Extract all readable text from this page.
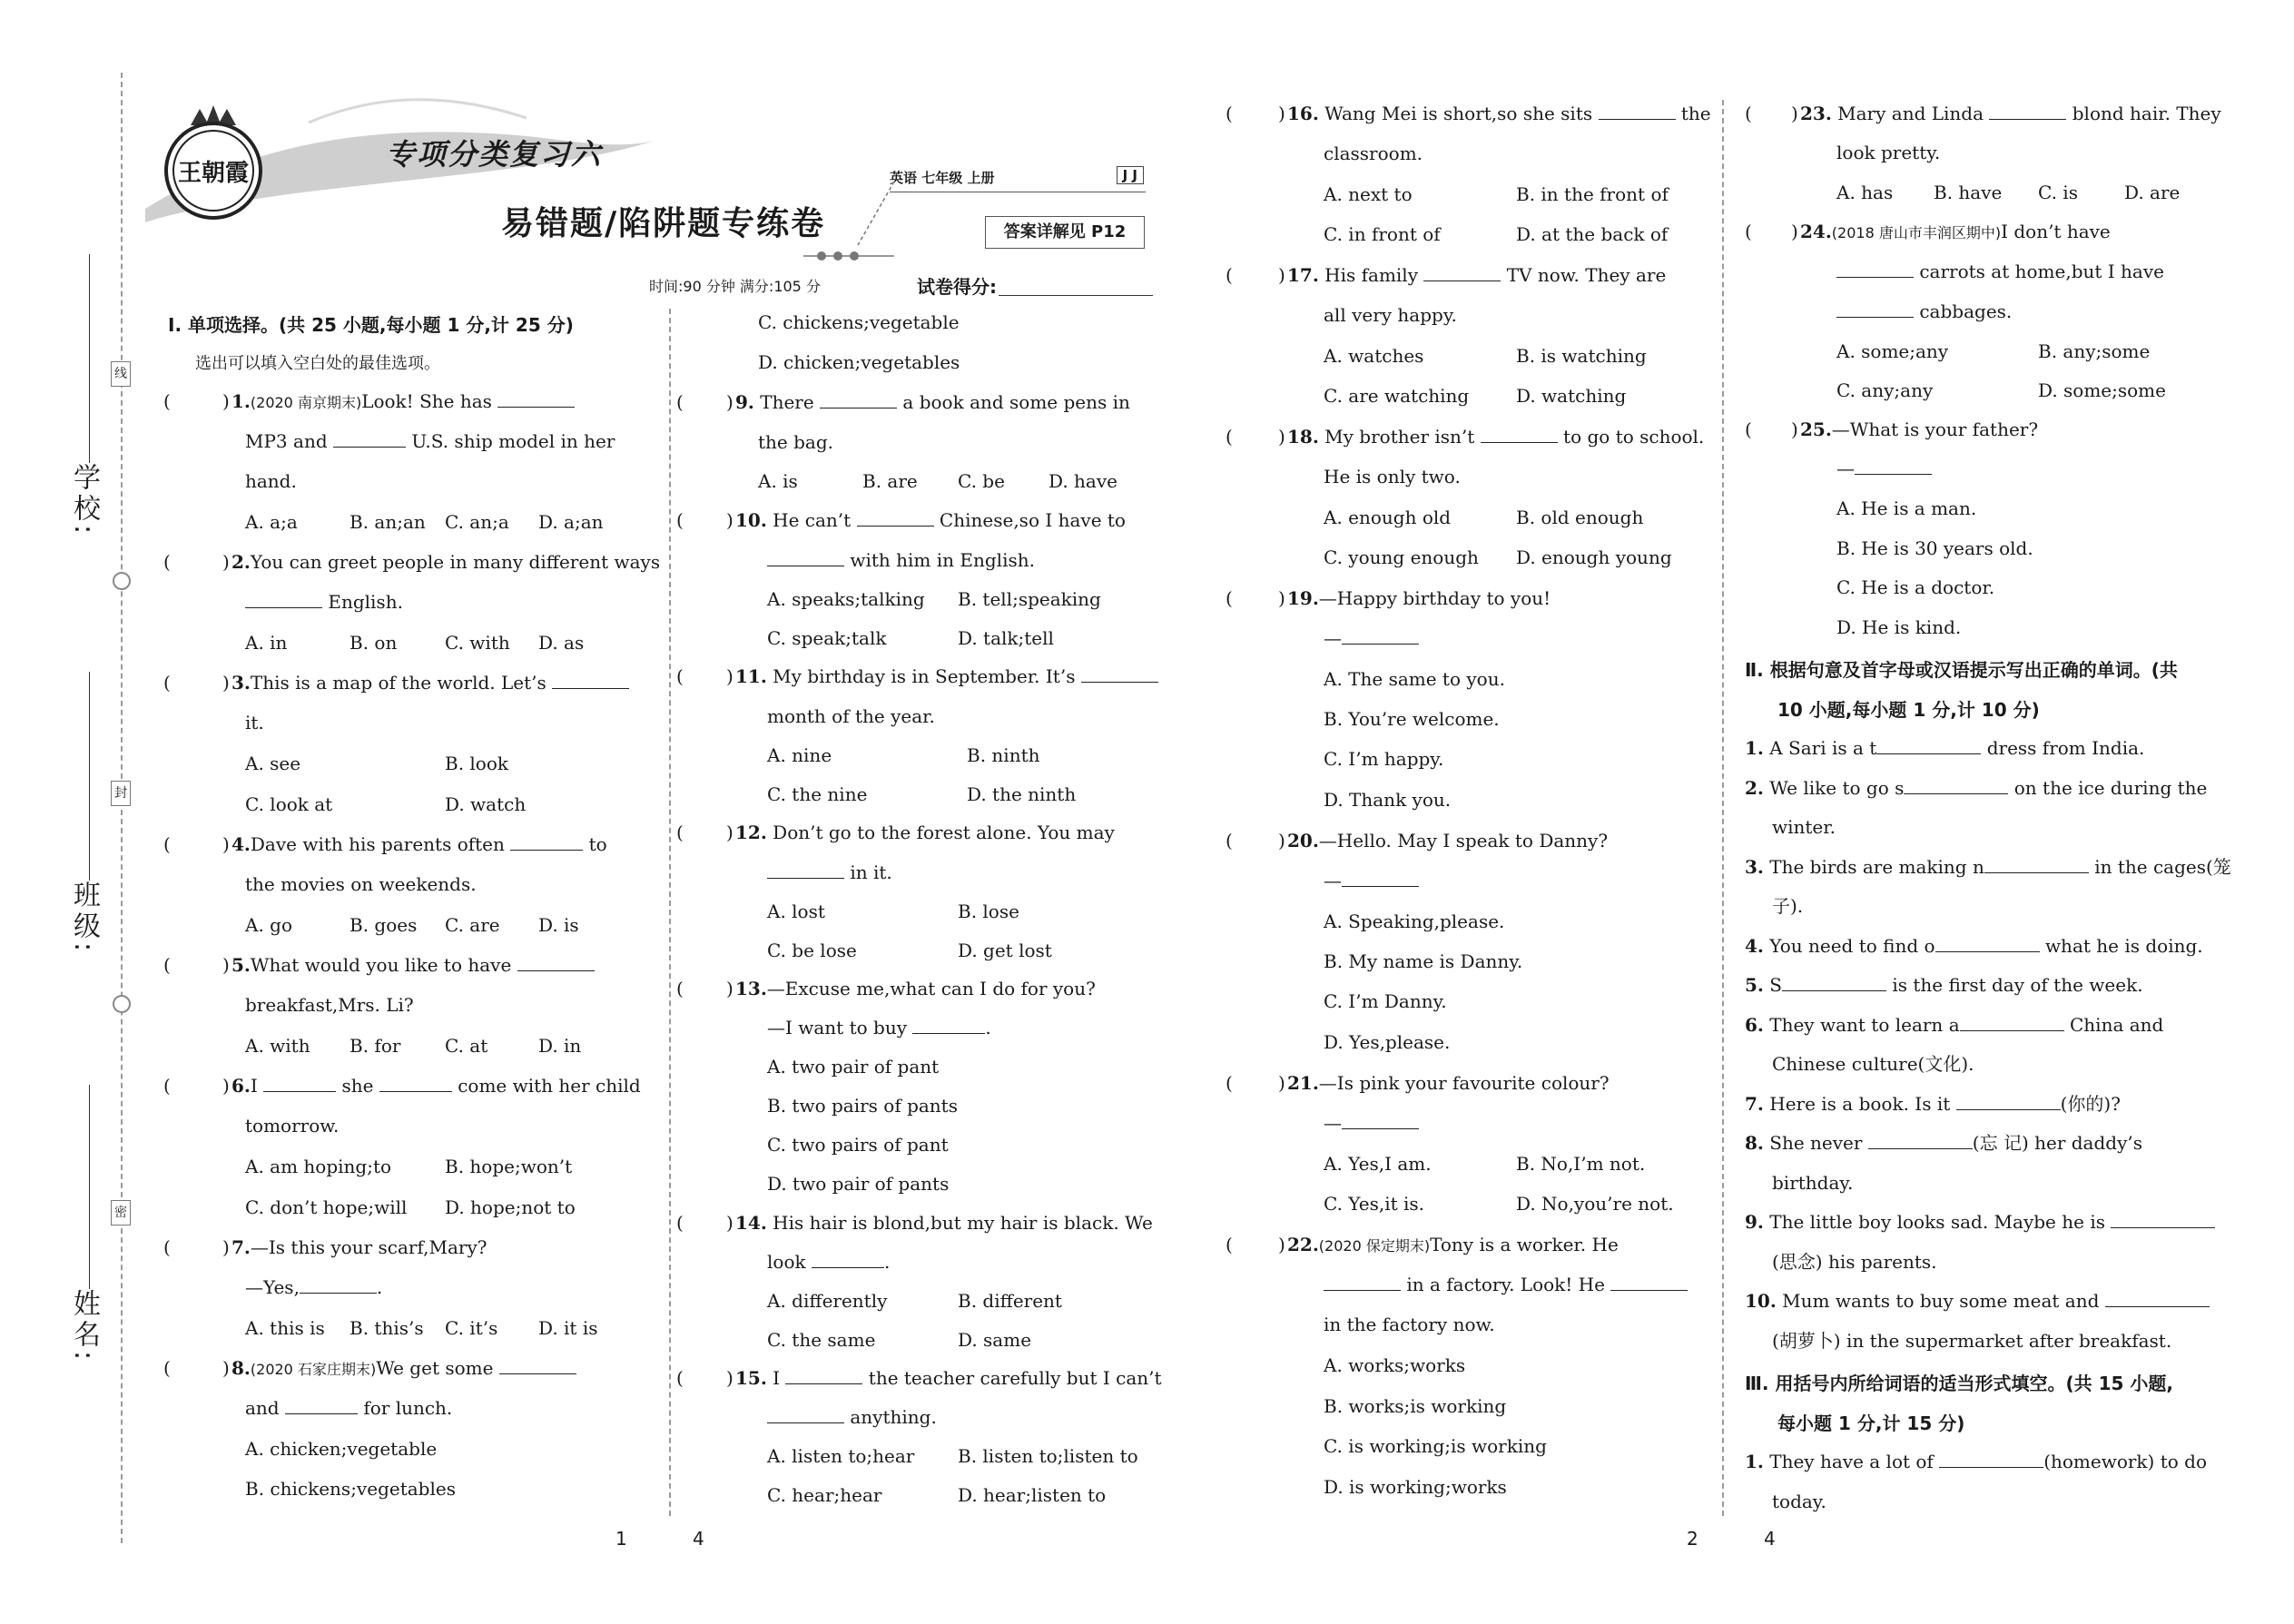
线
封
密
学校:
班级:
姓名:
王朝霞
专项分类复习六
易错题/陷阱题专练卷
英语 七年级 上册	J J
答案详解见 P12
时间:90 分钟 满分:105 分	试卷得分:
Ⅰ. 单项选择。(共 25 小题,每小题 1 分,计 25 分)
选出可以填入空白处的最佳选项。
(	) 1.(2020 南京期末)Look! She has
MP3 and	U.S. ship model in her
hand.
A. a;a	B. an;an C. an;a D. a;an
(	) 2.You can greet people in many different ways
English.
A. in	B. on	C. with D. as
(	) 3.This is a map of the world. Let’s
it.
A. see	B. look
C. look at	D. watch
(	) 4.Dave with his parents often	to
the movies on weekends.
A. go	B. goes C. are D. is
(	) 5.What would you like to have
breakfast,Mrs. Li?
A. with B. for C. at	D. in
(	) 6.I	she	come with her child
tomorrow.
A. am hoping;to	B. hope;won’t
C. don’t hope;will D. hope;not to
(	) 7.—Is this your scarf,Mary?
—Yes,	.
A. this is B. this’s C. it’s D. it is
(	) 8.(2020 石家庄期末)We get some
and	for lunch.
A. chicken;vegetable
B. chickens;vegetables
C. chickens;vegetable
D. chicken;vegetables
( ) 9. There	a book and some pens in
the bag.
A. is	B. are C. be D. have
( ) 10. He can’t	Chinese,so I have to
with him in English.
A. speaks;talking B. tell;speaking
C. speak;talk	D. talk;tell
( ) 11. My birthday is in September. It’s
month of the year.
A. nine	B. ninth
C. the nine	D. the ninth
( ) 12. Don’t go to the forest alone. You may
in it.
A. lost	B. lose
C. be lose	D. get lost
( ) 13.—Excuse me,what can I do for you?
—I want to buy	.
A. two pair of pant
B. two pairs of pants
C. two pairs of pant
D. two pair of pants
( ) 14. His hair is blond,but my hair is black. We
look	.
A. differently	B. different
C. the same	D. same
( ) 15. I	the teacher carefully but I can’t
anything.
A. listen to;hear B. listen to;listen to
C. hear;hear	D. hear;listen to
1	4
(	) 16. Wang Mei is short,so she sits	the
classroom.
A. next to	B. in the front of
C. in front of	D. at the back of
(	) 17. His family	TV now. They are
all very happy.
A. watches	B. is watching
C. are watching	D. watching
(	) 18. My brother isn’t	to go to school.
He is only two.
A. enough old	B. old enough
C. young enough D. enough young
(	) 19.—Happy birthday to you!
—
A. The same to you.
B. You’re welcome.
C. I’m happy.
D. Thank you.
(	) 20.—Hello. May I speak to Danny?
—
A. Speaking,please.
B. My name is Danny.
C. I’m Danny.
D. Yes,please.
(	) 21.—Is pink your favourite colour?
—
A. Yes,I am.	B. No,I’m not.
C. Yes,it is.	D. No,you’re not.
(	) 22.(2020 保定期末)Tony is a worker. He
in a factory. Look! He
in the factory now.
A. works;works
B. works;is working
C. is working;is working
D. is working;works
( ) 23. Mary and Linda	blond hair. They
look pretty.
A. has B. have C. is	D. are
( ) 24.(2018 唐山市丰润区期中)I don’t have
carrots at home,but I have
cabbages.
A. some;any	B. any;some
C. any;any	D. some;some
( ) 25.—What is your father?
—
A. He is a man.
B. He is 30 years old.
C. He is a doctor.
D. He is kind.
Ⅱ. 根据句意及首字母或汉语提示写出正确的单词。(共
10 小题,每小题 1 分,计 10 分)
1. A Sari is a t	dress from India.
2. We like to go s	on the ice during the
winter.
3. The birds are making n	in the cages(笼
子).
4. You need to find o	what he is doing.
5. S	is the first day of the week.
6. They want to learn a	China and
Chinese culture(文化).
7. Here is a book. Is it	(你的)?
8. She never	(忘 记) her daddy’s
birthday.
9. The little boy looks sad. Maybe he is
(思念) his parents.
10. Mum wants to buy some meat and
(胡萝卜) in the supermarket after breakfast.
Ⅲ. 用括号内所给词语的适当形式填空。(共 15 小题,
每小题 1 分,计 15 分)
1. They have a lot of	(homework) to do
today.
2	4
